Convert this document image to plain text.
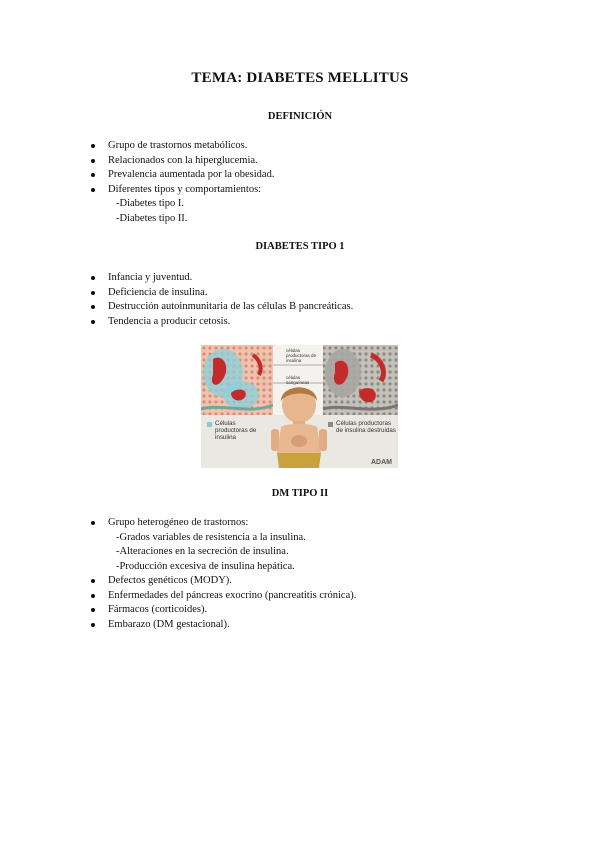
TEMA: DIABETES MELLITUS
DEFINICIÓN
Grupo de trastornos metabólicos.
Relacionados con la hiperglucemia.
Prevalencia aumentada por la obesidad.
Diferentes tipos y comportamientos:
-Diabetes tipo I.
-Diabetes tipo II.
DIABETES TIPO 1
Infancia y juventud.
Deficiencia de insulina.
Destrucción autoinmunitaria de las células B pancreáticas.
Tendencia a producir cetosis.
Células productoras de insulina
Células productoras de insulina destruidas
células productoras de insulina
células sanguíneas
ADAM
DM TIPO II
Grupo heterogéneo de trastornos:
-Grados variables de resistencia a la insulina.
-Alteraciones en la secreción de insulina.
-Producción excesiva de insulina hepática.
Defectos genéticos (MODY).
Enfermedades del páncreas exocrino (pancreatitis crónica).
Fármacos (corticoides).
Embarazo (DM gestacional).
